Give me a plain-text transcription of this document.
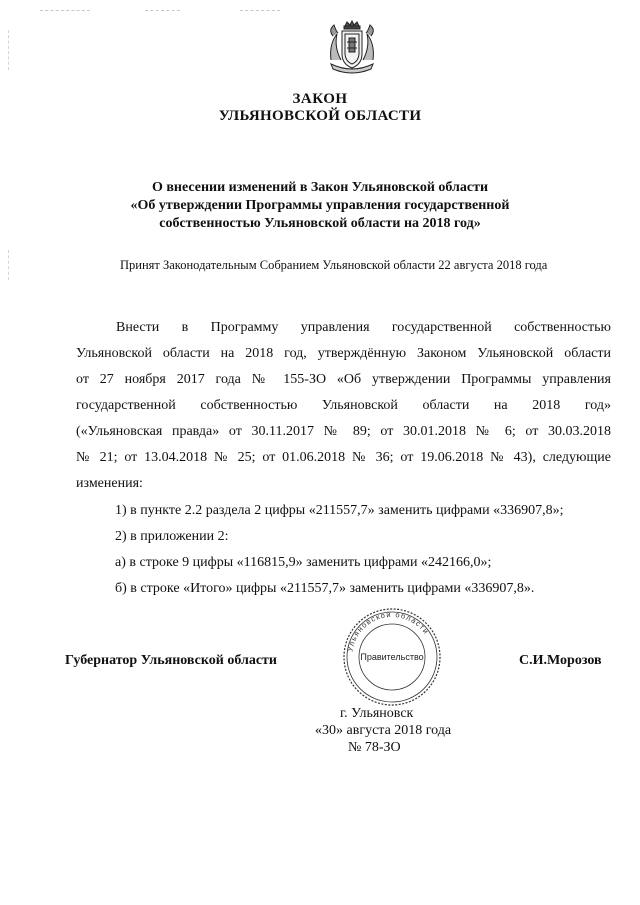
ЗАКОН
УЛЬЯНОВСКОЙ ОБЛАСТИ
О внесении изменений в Закон Ульяновской области
«Об утверждении Программы управления государственной
собственностью Ульяновской области на 2018 год»
Принят Законодательным Собранием Ульяновской области 22 августа 2018 года
Внести в Программу управления государственной собственностью
Ульяновской области на 2018 год, утверждённую Законом Ульяновской области
от 27 ноября 2017 года № 155-ЗО «Об утверждении Программы управления
государственной собственностью Ульяновской области на 2018 год»
(«Ульяновская правда» от 30.11.2017 № 89; от 30.01.2018 № 6; от 30.03.2018
№ 21; от 13.04.2018 № 25; от 01.06.2018 № 36; от 19.06.2018 № 43), следующие
изменения:
1) в пункте 2.2 раздела 2 цифры «211557,7» заменить цифрами «336907,8»;
2) в приложении 2:
а) в строке 9 цифры «116815,9» заменить цифрами «242166,0»;
б) в строке «Итого» цифры «211557,7» заменить цифрами «336907,8».
Ульяновской области
Правительство
Губернатор Ульяновской области	С.И.Морозов
г. Ульяновск
«30» августа 2018 года
№ 78-ЗО
